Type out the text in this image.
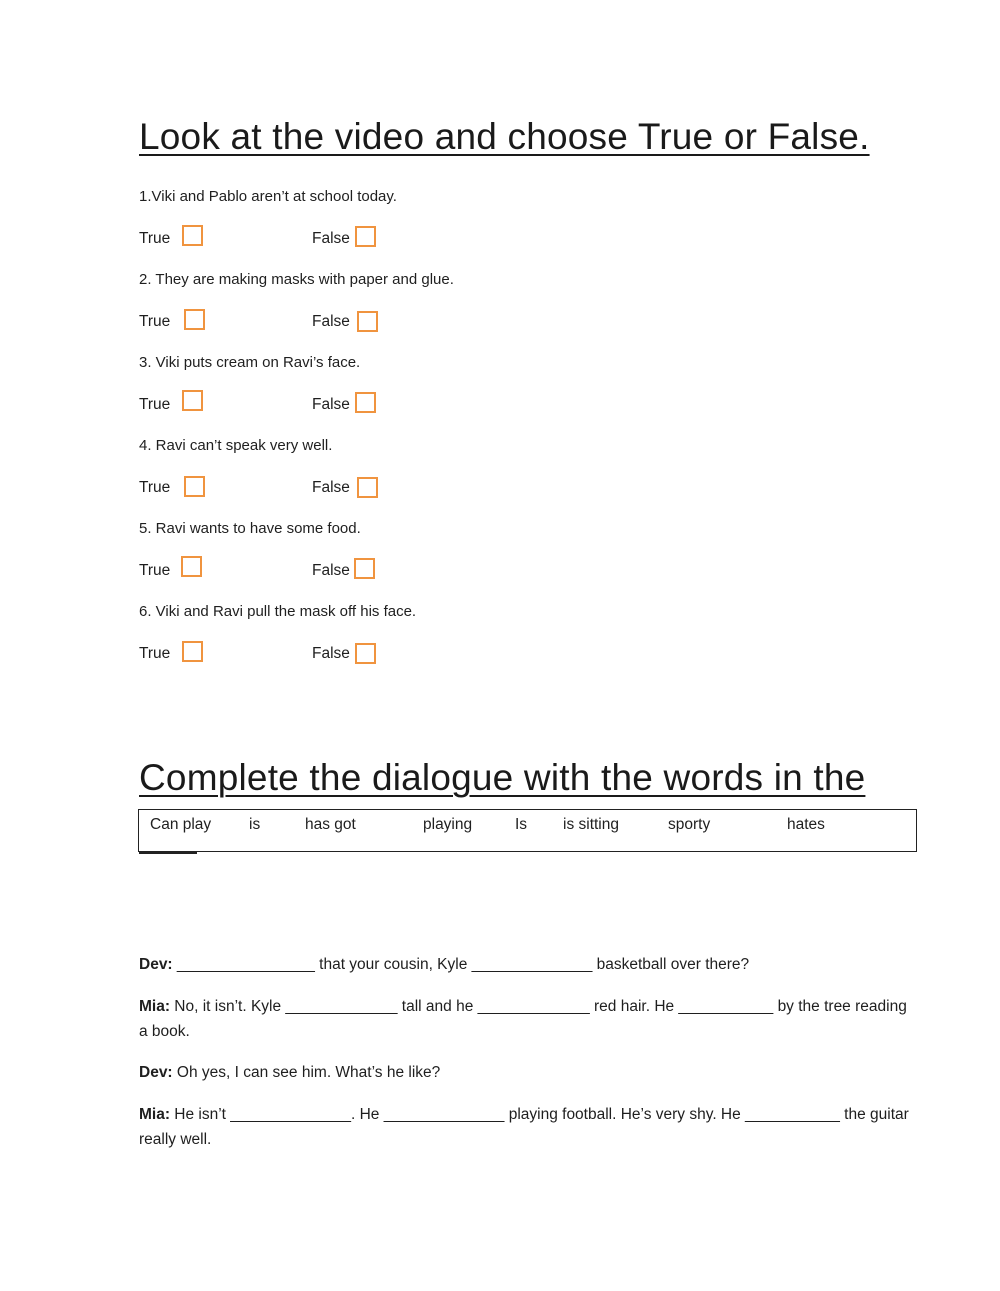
Look at the video and choose True or False.
1.Viki and Pablo aren’t at school today.
True	False
2. They are making masks with paper and glue.
True	False
3. Viki puts cream on Ravi’s face.
True	False
4. Ravi can’t speak very well.
True	False
5. Ravi wants to have some food.
True	False
6. Viki and Ravi pull the mask off his face.
True	False
Complete the dialogue with the words in the
Can play is	has got	playing	Is is sitting	sporty	hates
Dev: ________________ that your cousin, Kyle ______________ basketball over there?
Mia: No, it isn’t. Kyle _____________ tall and he _____________ red hair. He ___________ by the tree reading a book.
Dev: Oh yes, I can see him. What’s he like?
Mia: He isn’t ______________. He ______________ playing football. He’s very shy. He ___________ the guitar really well.
